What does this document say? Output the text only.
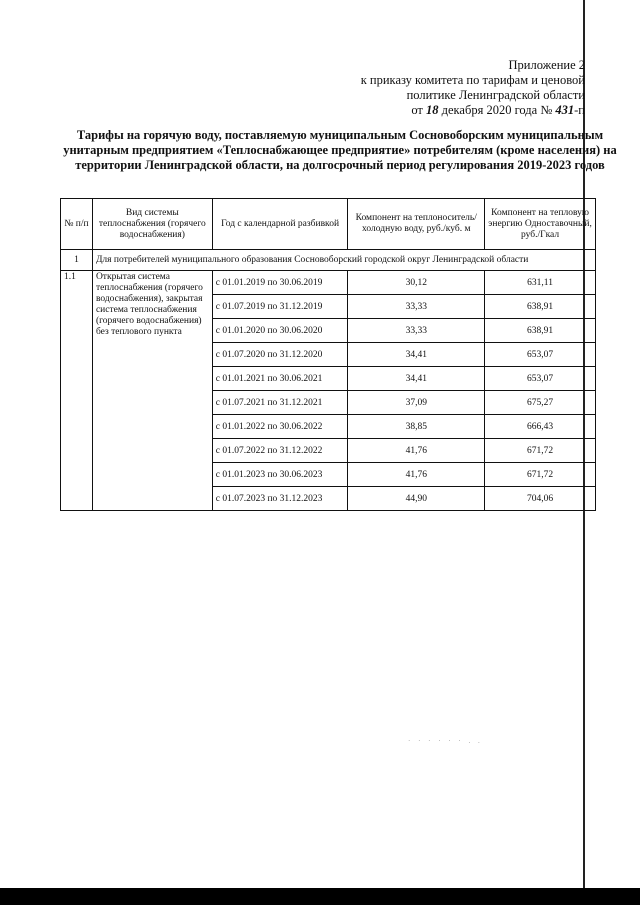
Приложение 2
к приказу комитета по тарифам и ценовой
политике Ленинградской области
от 18 декабря 2020 года № 431-п
Тарифы на горячую воду, поставляемую муниципальным Сосновоборским муниципальным унитарным предприятием «Теплоснабжающее предприятие» потребителям (кроме населения) на территории Ленинградской области, на долгосрочный период регулирования 2019-2023 годов
№ п/п	Вид системы теплоснабжения (горячего водоснабжения)	Год с календарной разбивкой	Компонент на теплоноситель/холодную воду, руб./куб. м	Компонент на тепловую энергию Одноставочный, руб./Гкал
1	Для потребителей муниципального образования Сосновоборский городской округ Ленинградской области			
1.1	Открытая система теплоснабжения (горячего водоснабжения), закрытая система теплоснабжения (горячего водоснабжения) без теплового пункта	с 01.01.2019 по 30.06.2019	30,12	631,11
		с 01.07.2019 по 31.12.2019	33,33	638,91
		с 01.01.2020 по 30.06.2020	33,33	638,91
		с 01.07.2020 по 31.12.2020	34,41	653,07
		с 01.01.2021 по 30.06.2021	34,41	653,07
		с 01.07.2021 по 31.12.2021	37,09	675,27
		с 01.01.2022 по 30.06.2022	38,85	666,43
		с 01.07.2022 по 31.12.2022	41,76	671,72
		с 01.01.2023 по 30.06.2023	41,76	671,72
		с 01.07.2023 по 31.12.2023	44,90	704,06
· · · · · · . .
